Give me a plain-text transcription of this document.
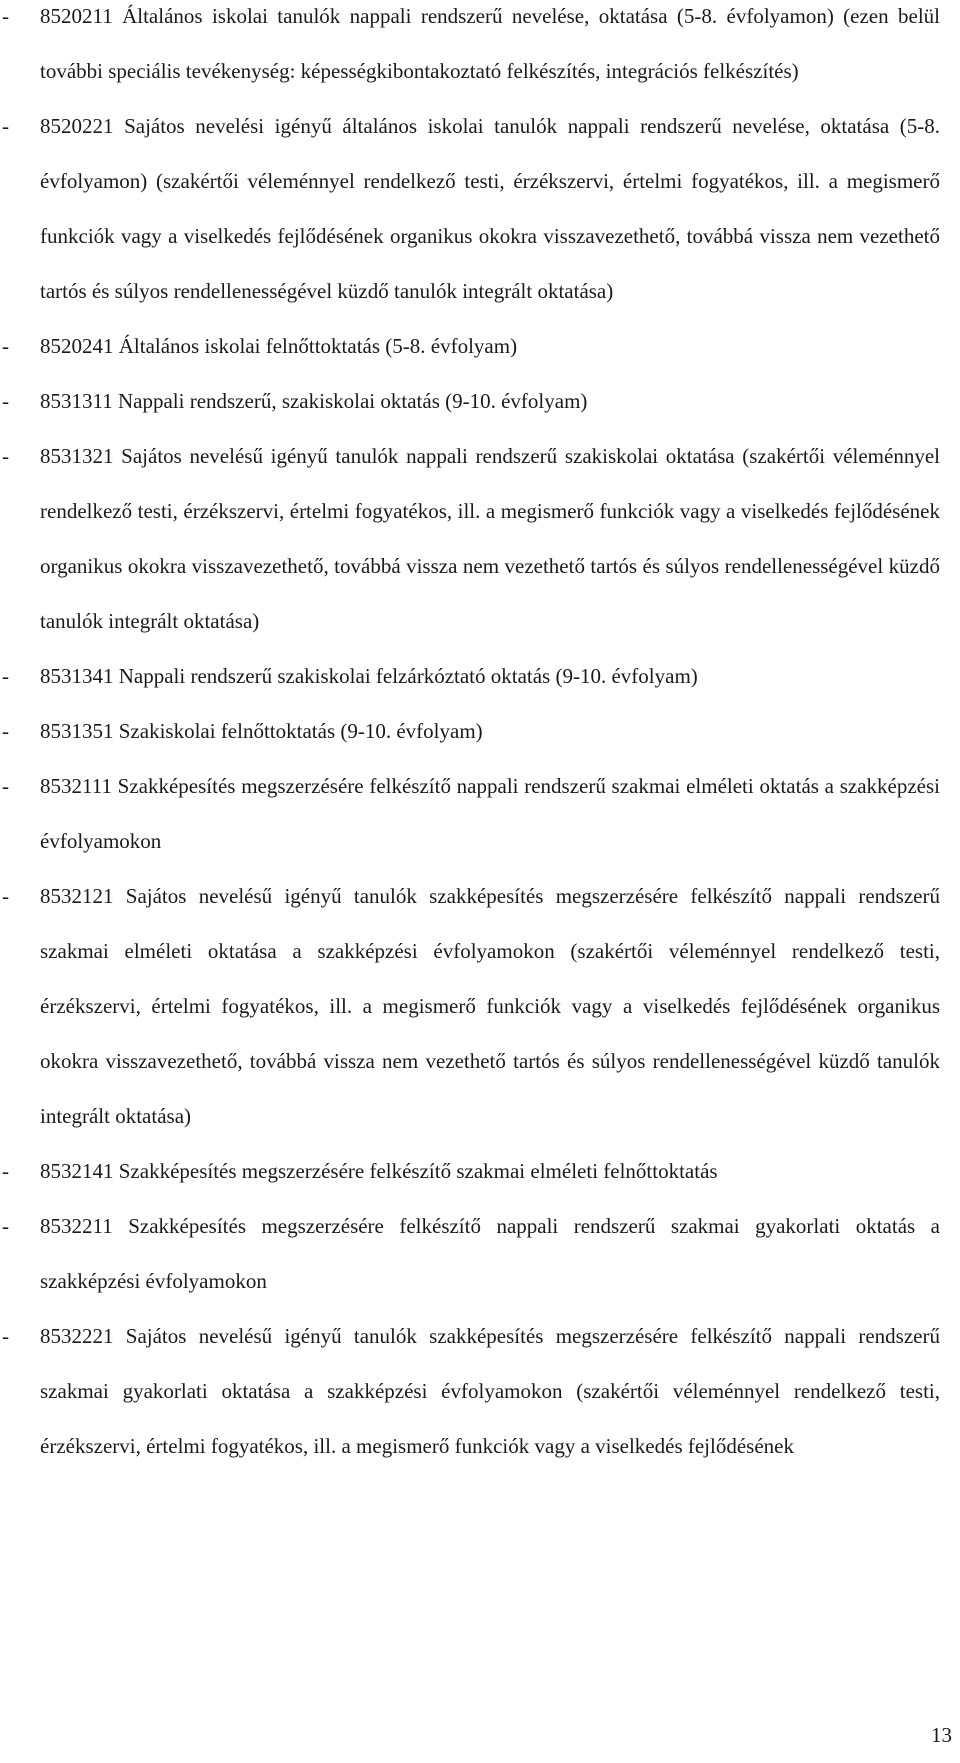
- 8520211 Általános iskolai tanulók nappali rendszerű nevelése, oktatása (5-8. évfolyamon) (ezen belül további speciális tevékenység: képességkibontakoztató felkészítés, integrációs felkészítés)
- 8520221 Sajátos nevelési igényű általános iskolai tanulók nappali rendszerű nevelése, oktatása (5-8. évfolyamon) (szakértői véleménnyel rendelkező testi, érzékszervi, értelmi fogyatékos, ill. a megismerő funkciók vagy a viselkedés fejlődésének organikus okokra visszavezethető, továbbá vissza nem vezethető tartós és súlyos rendellenességével küzdő tanulók integrált oktatása)
- 8520241 Általános iskolai felnőttoktatás (5-8. évfolyam)
- 8531311 Nappali rendszerű, szakiskolai oktatás (9-10. évfolyam)
- 8531321 Sajátos nevelésű igényű tanulók nappali rendszerű szakiskolai oktatása (szakértői véleménnyel rendelkező testi, érzékszervi, értelmi fogyatékos, ill. a megismerő funkciók vagy a viselkedés fejlődésének organikus okokra visszavezethető, továbbá vissza nem vezethető tartós és súlyos rendellenességével küzdő tanulók integrált oktatása)
- 8531341 Nappali rendszerű szakiskolai felzárkóztató oktatás (9-10. évfolyam)
- 8531351 Szakiskolai felnőttoktatás (9-10. évfolyam)
- 8532111 Szakképesítés megszerzésére felkészítő nappali rendszerű szakmai elméleti oktatás a szakképzési évfolyamokon
- 8532121 Sajátos nevelésű igényű tanulók szakképesítés megszerzésére felkészítő nappali rendszerű szakmai elméleti oktatása a szakképzési évfolyamokon (szakértői véleménnyel rendelkező testi, érzékszervi, értelmi fogyatékos, ill. a megismerő funkciók vagy a viselkedés fejlődésének organikus okokra visszavezethető, továbbá vissza nem vezethető tartós és súlyos rendellenességével küzdő tanulók integrált oktatása)
- 8532141 Szakképesítés megszerzésére felkészítő szakmai elméleti felnőttoktatás
- 8532211 Szakképesítés megszerzésére felkészítő nappali rendszerű szakmai gyakorlati oktatás a szakképzési évfolyamokon
- 8532221 Sajátos nevelésű igényű tanulók szakképesítés megszerzésére felkészítő nappali rendszerű szakmai gyakorlati oktatása a szakképzési évfolyamokon (szakértői véleménnyel rendelkező testi, érzékszervi, értelmi fogyatékos, ill. a megismerő funkciók vagy a viselkedés fejlődésének
13
